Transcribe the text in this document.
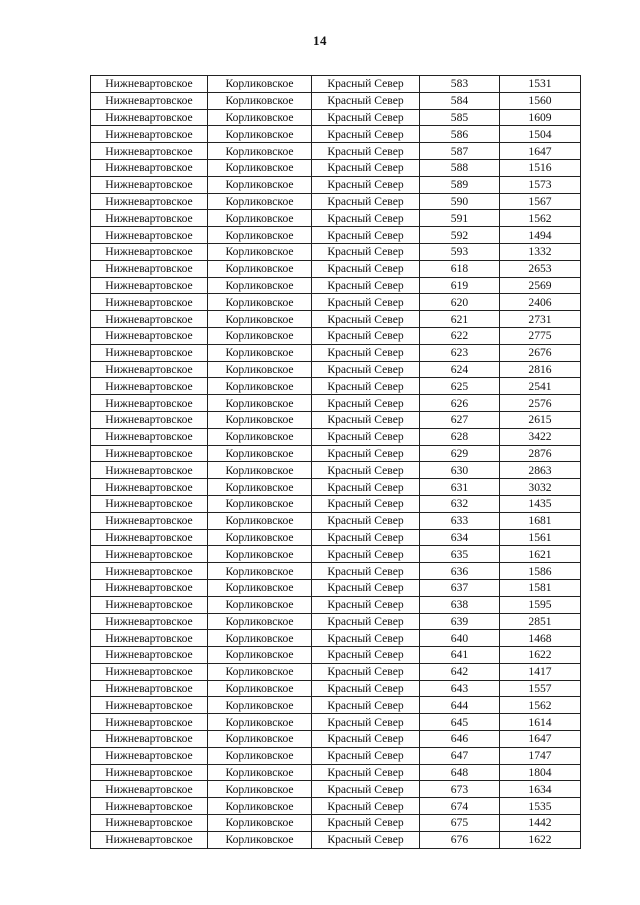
14
Нижневартовское	Корликовское	Красный Север	583	1531
Нижневартовское	Корликовское	Красный Север	584	1560
Нижневартовское	Корликовское	Красный Север	585	1609
Нижневартовское	Корликовское	Красный Север	586	1504
Нижневартовское	Корликовское	Красный Север	587	1647
Нижневартовское	Корликовское	Красный Север	588	1516
Нижневартовское	Корликовское	Красный Север	589	1573
Нижневартовское	Корликовское	Красный Север	590	1567
Нижневартовское	Корликовское	Красный Север	591	1562
Нижневартовское	Корликовское	Красный Север	592	1494
Нижневартовское	Корликовское	Красный Север	593	1332
Нижневартовское	Корликовское	Красный Север	618	2653
Нижневартовское	Корликовское	Красный Север	619	2569
Нижневартовское	Корликовское	Красный Север	620	2406
Нижневартовское	Корликовское	Красный Север	621	2731
Нижневартовское	Корликовское	Красный Север	622	2775
Нижневартовское	Корликовское	Красный Север	623	2676
Нижневартовское	Корликовское	Красный Север	624	2816
Нижневартовское	Корликовское	Красный Север	625	2541
Нижневартовское	Корликовское	Красный Север	626	2576
Нижневартовское	Корликовское	Красный Север	627	2615
Нижневартовское	Корликовское	Красный Север	628	3422
Нижневартовское	Корликовское	Красный Север	629	2876
Нижневартовское	Корликовское	Красный Север	630	2863
Нижневартовское	Корликовское	Красный Север	631	3032
Нижневартовское	Корликовское	Красный Север	632	1435
Нижневартовское	Корликовское	Красный Север	633	1681
Нижневартовское	Корликовское	Красный Север	634	1561
Нижневартовское	Корликовское	Красный Север	635	1621
Нижневартовское	Корликовское	Красный Север	636	1586
Нижневартовское	Корликовское	Красный Север	637	1581
Нижневартовское	Корликовское	Красный Север	638	1595
Нижневартовское	Корликовское	Красный Север	639	2851
Нижневартовское	Корликовское	Красный Север	640	1468
Нижневартовское	Корликовское	Красный Север	641	1622
Нижневартовское	Корликовское	Красный Север	642	1417
Нижневартовское	Корликовское	Красный Север	643	1557
Нижневартовское	Корликовское	Красный Север	644	1562
Нижневартовское	Корликовское	Красный Север	645	1614
Нижневартовское	Корликовское	Красный Север	646	1647
Нижневартовское	Корликовское	Красный Север	647	1747
Нижневартовское	Корликовское	Красный Север	648	1804
Нижневартовское	Корликовское	Красный Север	673	1634
Нижневартовское	Корликовское	Красный Север	674	1535
Нижневартовское	Корликовское	Красный Север	675	1442
Нижневартовское	Корликовское	Красный Север	676	1622
